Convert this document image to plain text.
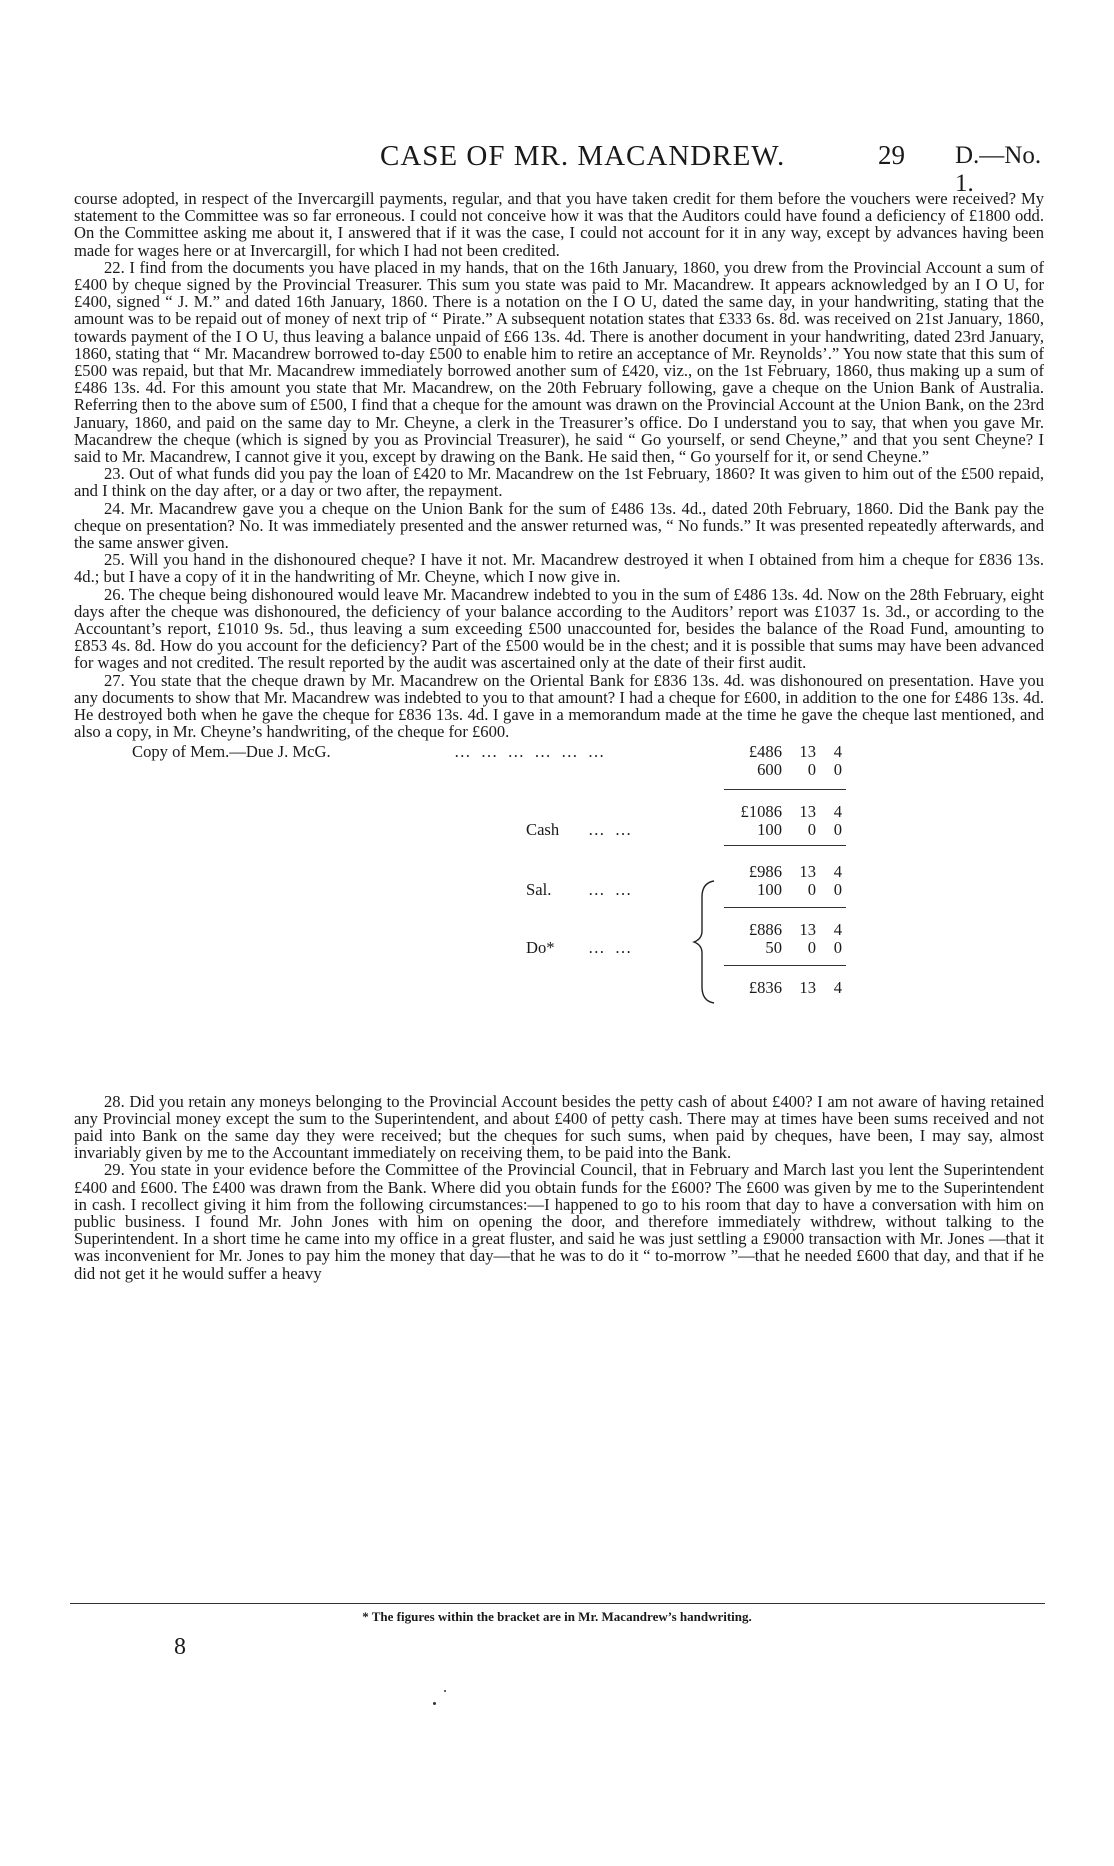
CASE OF MR. MACANDREW.	29 D.—No. 1.

course adopted, in respect of the Invercargill payments, regular, and that you have taken credit for them before the vouchers were received? My statement to the Committee was so far erroneous. I could not conceive how it was that the Auditors could have found a deficiency of £1800 odd. On the Committee asking me about it, I answered that if it was the case, I could not account for it in any way, except by advances having been made for wages here or at Invercargill, for which I had not been credited.

22. I find from the documents you have placed in my hands, that on the 16th January, 1860, you drew from the Provincial Account a sum of £400 by cheque signed by the Provincial Treasurer. This sum you state was paid to Mr. Macandrew. It appears acknowledged by an I O U, for £400, signed “ J. M.” and dated 16th January, 1860. There is a notation on the I O U, dated the same day, in your handwriting, stating that the amount was to be repaid out of money of next trip of “ Pirate.” A subsequent notation states that £333 6s. 8d. was received on 21st January, 1860, towards payment of the I O U, thus leaving a balance unpaid of £66 13s. 4d. There is another document in your handwriting, dated 23rd January, 1860, stating that “ Mr. Macandrew borrowed to-day £500 to enable him to retire an acceptance of Mr. Reynolds’.” You now state that this sum of £500 was repaid, but that Mr. Macandrew immediately borrowed another sum of £420, viz., on the 1st February, 1860, thus making up a sum of £486 13s. 4d. For this amount you state that Mr. Macandrew, on the 20th February following, gave a cheque on the Union Bank of Australia. Referring then to the above sum of £500, I find that a cheque for the amount was drawn on the Provincial Account at the Union Bank, on the 23rd January, 1860, and paid on the same day to Mr. Cheyne, a clerk in the Treasurer’s office. Do I understand you to say, that when you gave Mr. Macandrew the cheque (which is signed by you as Provincial Treasurer), he said “ Go yourself, or send Cheyne,” and that you sent Cheyne? I said to Mr. Macandrew, I cannot give it you, except by drawing on the Bank. He said then, “ Go yourself for it, or send Cheyne.”

23. Out of what funds did you pay the loan of £420 to Mr. Macandrew on the 1st February, 1860? It was given to him out of the £500 repaid, and I think on the day after, or a day or two after, the repayment.

24. Mr. Macandrew gave you a cheque on the Union Bank for the sum of £486 13s. 4d., dated 20th February, 1860. Did the Bank pay the cheque on presentation? No. It was immediately presented and the answer returned was, “ No funds.” It was presented repeatedly afterwards, and the same answer given.

25. Will you hand in the dishonoured cheque? I have it not. Mr. Macandrew destroyed it when I obtained from him a cheque for £836 13s. 4d.; but I have a copy of it in the handwriting of Mr. Cheyne, which I now give in.

26. The cheque being dishonoured would leave Mr. Macandrew indebted to you in the sum of £486 13s. 4d. Now on the 28th February, eight days after the cheque was dishonoured, the deficiency of your balance according to the Auditors’ report was £1037 1s. 3d., or according to the Accountant’s report, £1010 9s. 5d., thus leaving a sum exceeding £500 unaccounted for, besides the balance of the Road Fund, amounting to £853 4s. 8d. How do you account for the deficiency? Part of the £500 would be in the chest; and it is possible that sums may have been advanced for wages and not credited. The result reported by the audit was ascertained only at the date of their first audit.

27. You state that the cheque drawn by Mr. Macandrew on the Oriental Bank for £836 13s. 4d. was dishonoured on presentation. Have you any documents to show that Mr. Macandrew was indebted to you to that amount? I had a cheque for £600, in addition to the one for £486 13s. 4d. He destroyed both when he gave the cheque for £836 13s. 4d. I gave in a memorandum made at the time he gave the cheque last mentioned, and also a copy, in Mr. Cheyne’s handwriting, of the cheque for £600.

Copy of Mem.—Due J. McG.	… … … … … …	£486	13	4
600	0	0
£1086	13	4
Cash … …	100	0	0
£986	13	4
Sal. … …	100	0	0
£886	13	4
Do* … …	50	0	0
£836	13	4

28. Did you retain any moneys belonging to the Provincial Account besides the petty cash of about £400? I am not aware of having retained any Provincial money except the sum to the Superintendent, and about £400 of petty cash. There may at times have been sums received and not paid into Bank on the same day they were received; but the cheques for such sums, when paid by cheques, have been, I may say, almost invariably given by me to the Accountant immediately on receiving them, to be paid into the Bank.

29. You state in your evidence before the Committee of the Provincial Council, that in February and March last you lent the Superintendent £400 and £600. The £400 was drawn from the Bank. Where did you obtain funds for the £600? The £600 was given by me to the Superintendent in cash. I recollect giving it him from the following circumstances:—I happened to go to his room that day to have a conversation with him on public business. I found Mr. John Jones with him on opening the door, and therefore immediately withdrew, without talking to the Superintendent. In a short time he came into my office in a great fluster, and said he was just settling a £9000 transaction with Mr. Jones —that it was inconvenient for Mr. Jones to pay him the money that day—that he was to do it “ to-morrow ”—that he needed £600 that day, and that if he did not get it he would suffer a heavy

* The figures within the bracket are in Mr. Macandrew’s handwriting.
8
